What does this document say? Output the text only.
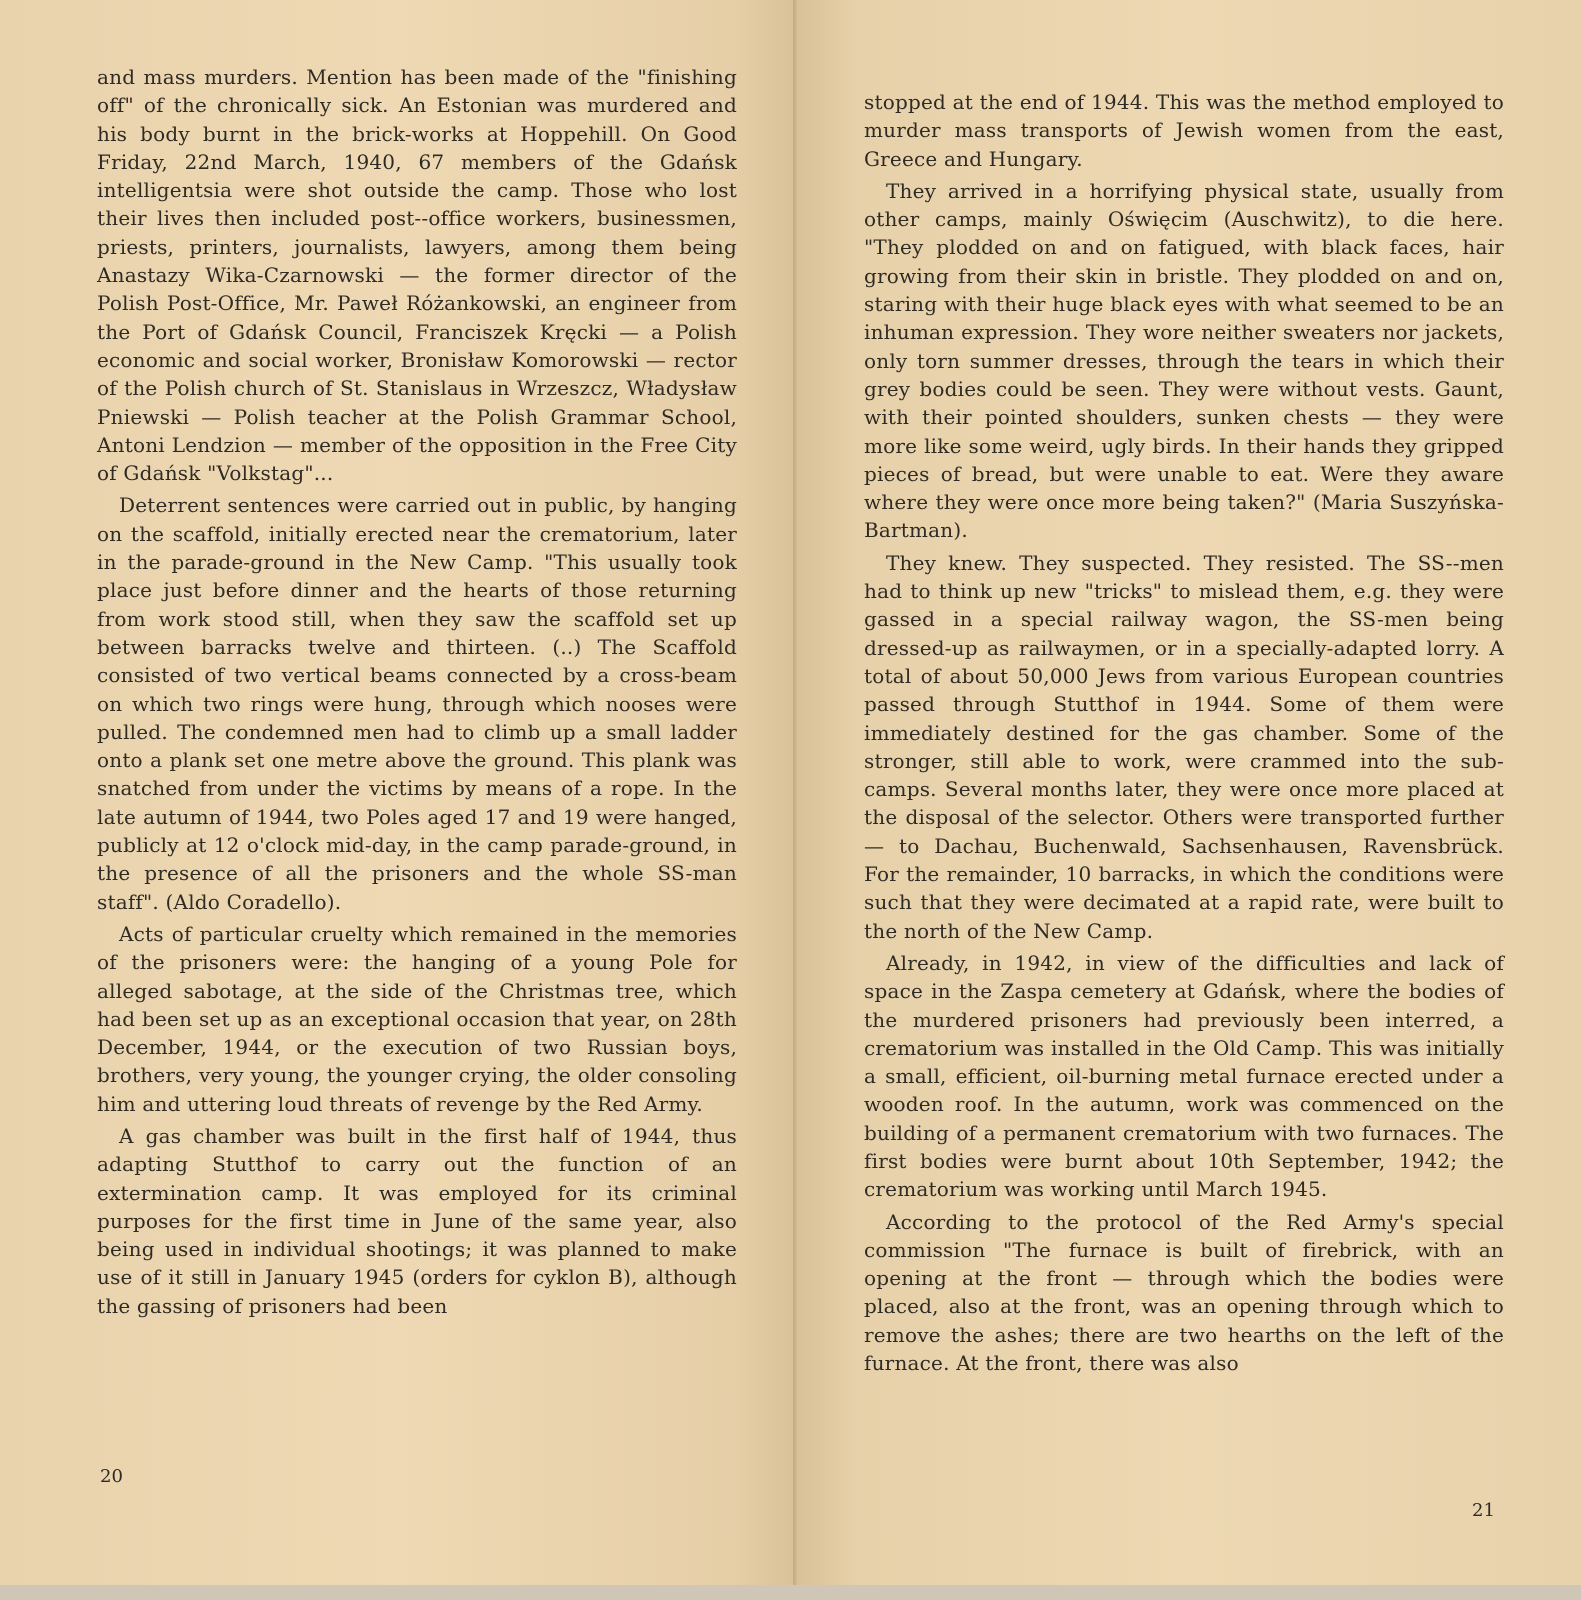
and mass murders. Mention has been made of the "finishing off" of the chronically sick. An Estonian was murdered and his body burnt in the brick-works at Hoppehill. On Good Friday, 22nd March, 1940, 67 members of the Gdańsk intelligentsia were shot outside the camp. Those who lost their lives then included post--office workers, businessmen, priests, printers, journalists, lawyers, among them being Anastazy Wika-Czarnowski — the former director of the Polish Post-Office, Mr. Paweł Różankowski, an engineer from the Port of Gdańsk Council, Franciszek Kręcki — a Polish economic and social worker, Bronisław Komorowski — rector of the Polish church of St. Stanislaus in Wrzeszcz, Władysław Pniewski — Polish teacher at the Polish Grammar School, Antoni Lendzion — member of the opposition in the Free City of Gdańsk "Volkstag"...

Deterrent sentences were carried out in public, by hanging on the scaffold, initially erected near the crematorium, later in the parade-ground in the New Camp. "This usually took place just before dinner and the hearts of those returning from work stood still, when they saw the scaffold set up between barracks twelve and thirteen. (..) The Scaffold consisted of two vertical beams connected by a cross-beam on which two rings were hung, through which nooses were pulled. The condemned men had to climb up a small ladder onto a plank set one metre above the ground. This plank was snatched from under the victims by means of a rope. In the late autumn of 1944, two Poles aged 17 and 19 were hanged, publicly at 12 o'clock mid-day, in the camp parade-ground, in the presence of all the prisoners and the whole SS-man staff". (Aldo Coradello).

Acts of particular cruelty which remained in the memories of the prisoners were: the hanging of a young Pole for alleged sabotage, at the side of the Christmas tree, which had been set up as an exceptional occasion that year, on 28th December, 1944, or the execution of two Russian boys, brothers, very young, the younger crying, the older consoling him and uttering loud threats of revenge by the Red Army.

A gas chamber was built in the first half of 1944, thus adapting Stutthof to carry out the function of an extermination camp. It was employed for its criminal purposes for the first time in June of the same year, also being used in individual shootings; it was planned to make use of it still in January 1945 (orders for cyklon B), although the gassing of prisoners had been

20

stopped at the end of 1944. This was the method employed to murder mass transports of Jewish women from the east, Greece and Hungary.

They arrived in a horrifying physical state, usually from other camps, mainly Oświęcim (Auschwitz), to die here. "They plodded on and on fatigued, with black faces, hair growing from their skin in bristle. They plodded on and on, staring with their huge black eyes with what seemed to be an inhuman expression. They wore neither sweaters nor jackets, only torn summer dresses, through the tears in which their grey bodies could be seen. They were without vests. Gaunt, with their pointed shoulders, sunken chests — they were more like some weird, ugly birds. In their hands they gripped pieces of bread, but were unable to eat. Were they aware where they were once more being taken?" (Maria Suszyńska-Bartman).

They knew. They suspected. They resisted. The SS--men had to think up new "tricks" to mislead them, e.g. they were gassed in a special railway wagon, the SS-men being dressed-up as railwaymen, or in a specially-adapted lorry. A total of about 50,000 Jews from various European countries passed through Stutthof in 1944. Some of them were immediately destined for the gas chamber. Some of the stronger, still able to work, were crammed into the sub-camps. Several months later, they were once more placed at the disposal of the selector. Others were transported further — to Dachau, Buchenwald, Sachsenhausen, Ravensbrück. For the remainder, 10 barracks, in which the conditions were such that they were decimated at a rapid rate, were built to the north of the New Camp.

Already, in 1942, in view of the difficulties and lack of space in the Zaspa cemetery at Gdańsk, where the bodies of the murdered prisoners had previously been interred, a crematorium was installed in the Old Camp. This was initially a small, efficient, oil-burning metal furnace erected under a wooden roof. In the autumn, work was commenced on the building of a permanent crematorium with two furnaces. The first bodies were burnt about 10th September, 1942; the crematorium was working until March 1945.

According to the protocol of the Red Army's special commission "The furnace is built of firebrick, with an opening at the front — through which the bodies were placed, also at the front, was an opening through which to remove the ashes; there are two hearths on the left of the furnace. At the front, there was also

21
